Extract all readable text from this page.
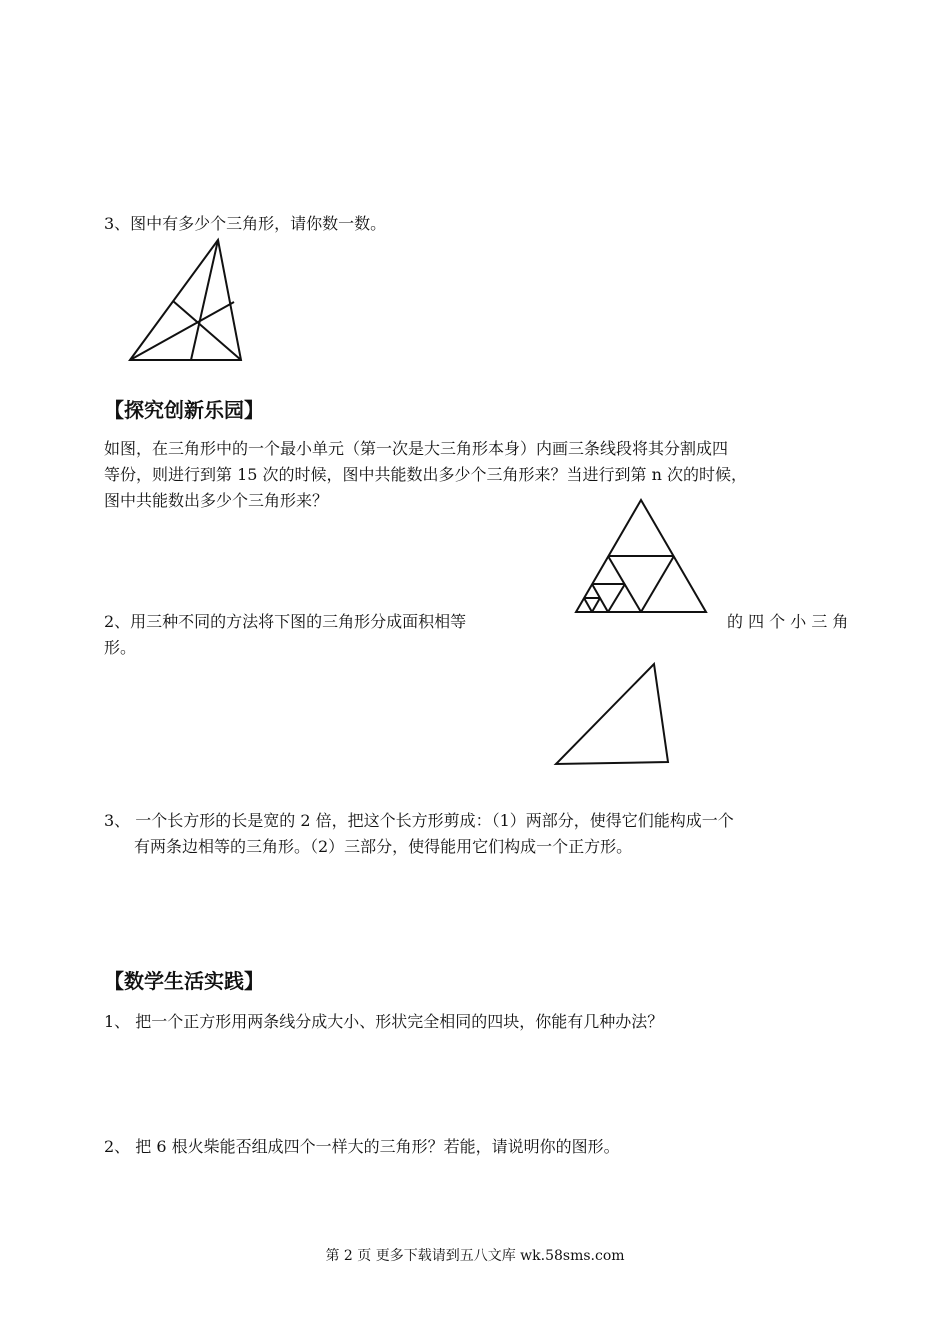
3、图中有多少个三角形，请你数一数。
【探究创新乐园】
如图，在三角形中的一个最小单元（第一次是大三角形本身）内画三条线段将其分割成四
等份，则进行到第 15 次的时候，图中共能数出多少个三角形来？当进行到第 n 次的时候，
图中共能数出多少个三角形来？
2、用三种不同的方法将下图的三角形分成面积相等	的 四 个 小 三 角
形。
3、 一个长方形的长是宽的 2 倍，把这个长方形剪成：（1）两部分，使得它们能构成一个
有两条边相等的三角形。（2）三部分，使得能用它们构成一个正方形。
【数学生活实践】
1、 把一个正方形用两条线分成大小、形状完全相同的四块，你能有几种办法？
2、 把 6 根火柴能否组成四个一样大的三角形？若能，请说明你的图形。
第 2 页 更多下载请到五八文库 wk.58sms.com
